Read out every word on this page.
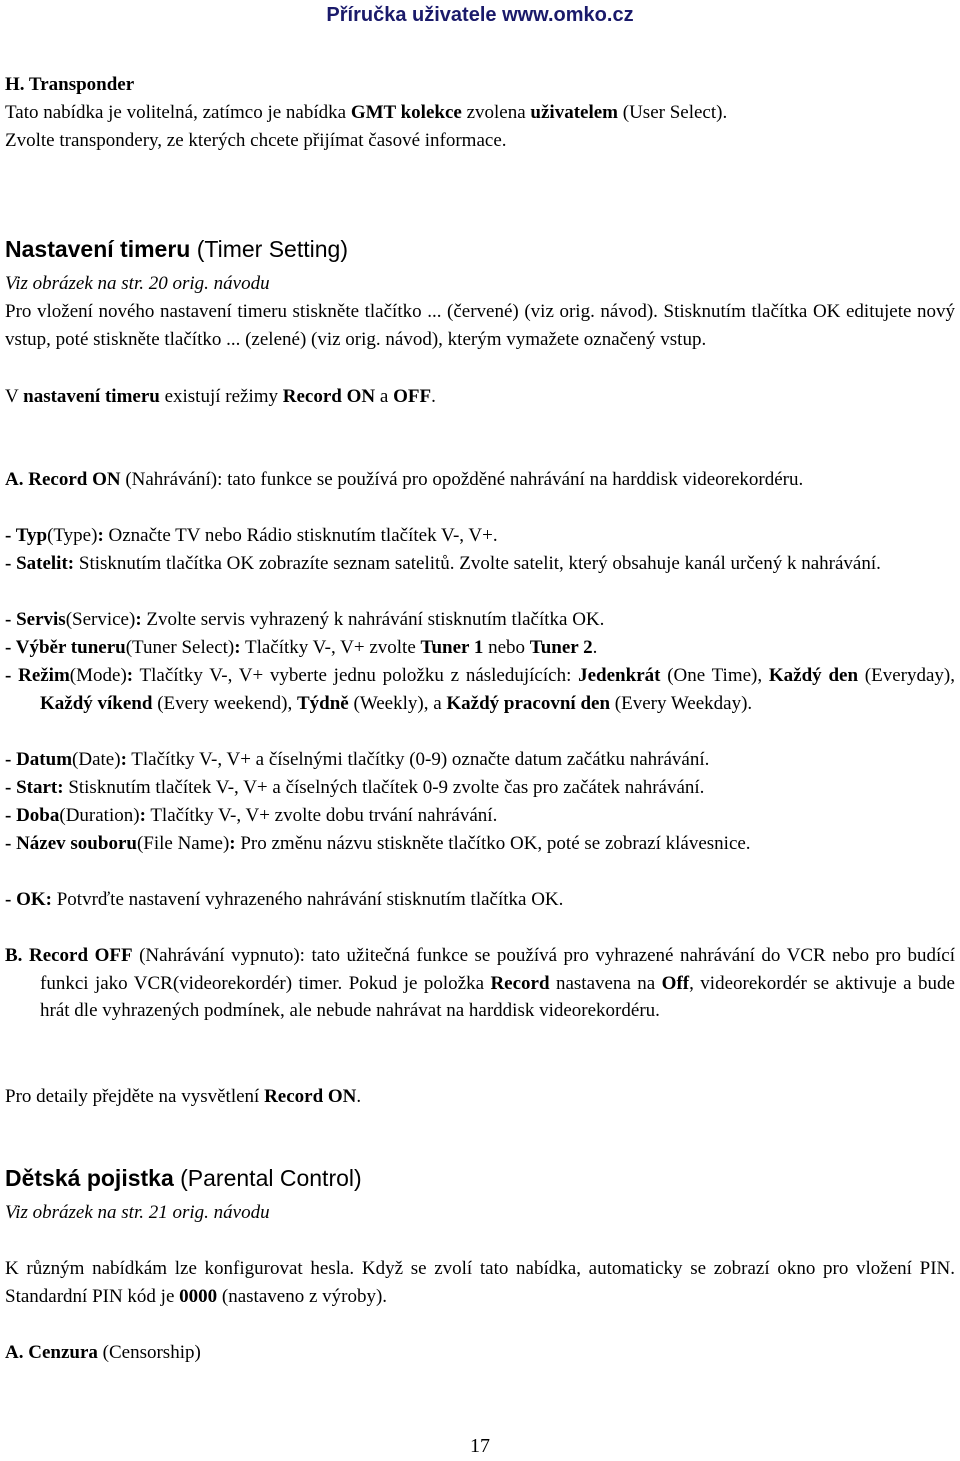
Příručka uživatele www.omko.cz
H. Transponder
Tato nabídka je volitelná, zatímco je nabídka GMT kolekce zvolena uživatelem (User Select).
Zvolte transpondery, ze kterých chcete přijímat časové informace.
Nastavení timeru (Timer Setting)
Viz obrázek na str. 20 orig. návodu
Pro vložení nového nastavení timeru stiskněte tlačítko ... (červené) (viz orig. návod). Stisknutím tlačítka OK editujete nový vstup, poté stiskněte tlačítko ... (zelené) (viz orig. návod), kterým vymažete označený vstup.
V nastavení timeru existují režimy Record ON a OFF.
A. Record ON (Nahrávání): tato funkce se používá pro opožděné nahrávání na harddisk videorekordéru.
- Typ(Type): Označte TV nebo Rádio stisknutím tlačítek V-, V+.
- Satelit: Stisknutím tlačítka OK zobrazíte seznam satelitů. Zvolte satelit, který obsahuje kanál určený k nahrávání.
- Servis(Service): Zvolte servis vyhrazený k nahrávání stisknutím tlačítka OK.
- Výběr tuneru(Tuner Select): Tlačítky V-, V+ zvolte Tuner 1 nebo Tuner 2.
- Režim(Mode): Tlačítky V-, V+ vyberte jednu položku z následujících: Jedenkrát (One Time), Každý den (Everyday), Každý víkend (Every weekend), Týdně (Weekly), a Každý pracovní den (Every Weekday).
- Datum(Date): Tlačítky V-, V+ a číselnými tlačítky (0-9) označte datum začátku nahrávání.
- Start: Stisknutím tlačítek V-, V+ a číselných tlačítek 0-9 zvolte čas pro začátek nahrávání.
- Doba(Duration): Tlačítky V-, V+ zvolte dobu trvání nahrávání.
- Název souboru(File Name): Pro změnu názvu stiskněte tlačítko OK, poté se zobrazí klávesnice.
- OK: Potvrďte nastavení vyhrazeného nahrávání stisknutím tlačítka OK.
B. Record OFF (Nahrávání vypnuto): tato užitečná funkce se používá pro vyhrazené nahrávání do VCR nebo pro budící funkci jako VCR(videorekordér) timer. Pokud je položka Record nastavena na Off, videorekordér se aktivuje a bude hrát dle vyhrazených podmínek, ale nebude nahrávat na harddisk videorekordéru.
Pro detaily přejděte na vysvětlení Record ON.
Dětská pojistka (Parental Control)
Viz obrázek na str. 21 orig. návodu
K různým nabídkám lze konfigurovat hesla. Když se zvolí tato nabídka, automaticky se zobrazí okno pro vložení PIN. Standardní PIN kód je 0000 (nastaveno z výroby).
A. Cenzura (Censorship)
17
